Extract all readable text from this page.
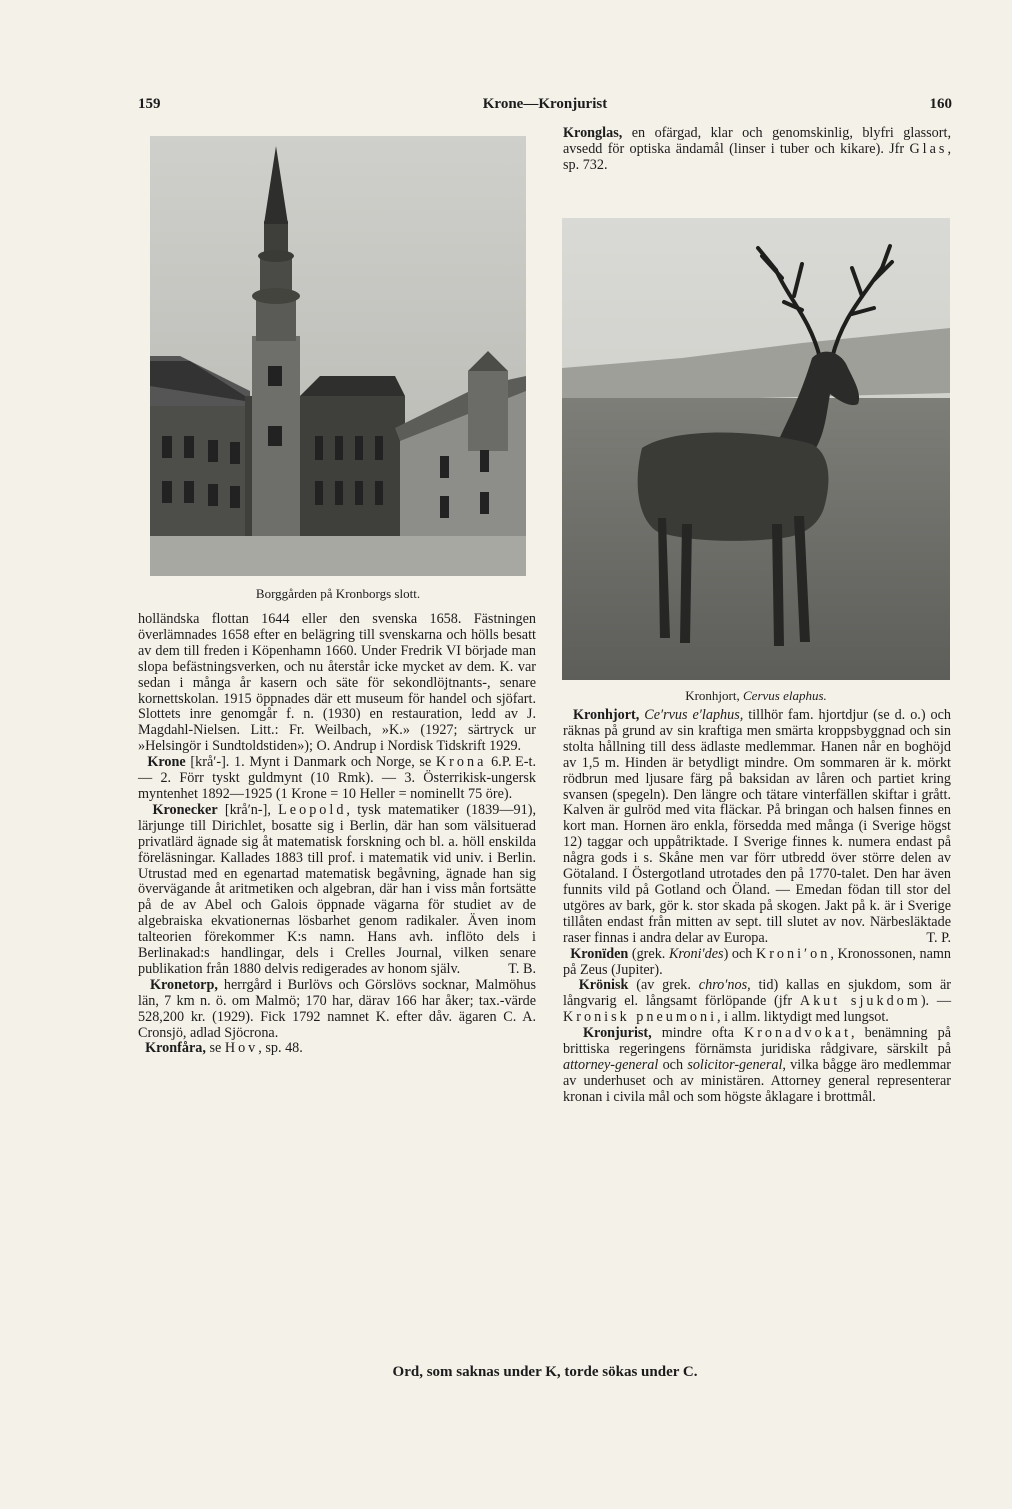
159	Krone—Kronjurist	160
Borggården på Kronborgs slott.
Kronhjort, Cervus elaphus.

Kronglas, en ofärgad, klar och genomskinlig, blyfri glassort, avsedd för optiska ändamål (linser i tuber och kikare). Jfr Glas, sp. 732.

holländska flottan 1644 eller den svenska 1658. Fästningen överlämnades 1658 efter en belägring till svenskarna och hölls besatt av dem till freden i Köpenhamn 1660. Under Fredrik VI började man slopa befästningsverken, och nu återstår icke mycket av dem. K. var sedan i många år kasern och säte för sekondlöjtnants-, senare kornettskolan. 1915 öppnades där ett museum för handel och sjöfart. Slottets inre genomgår f. n. (1930) en restauration, ledd av J. Magdahl-Nielsen. Litt.: Fr. Weilbach, »K.» (1927; särtryck ur »Helsingör i Sundtoldstiden»); O. Andrup i Nordisk Tidskrift 1929.
P. E-t.

Krone [krå′-]. 1. Mynt i Danmark och Norge, se Krona 6. — 2. Förr tyskt guldmynt (10 Rmk). — 3. Österrikisk-ungersk myntenhet 1892—1925 (1 Krone = 10 Heller = nominellt 75 öre).

Kronecker [krå′n-], Leopold, tysk matematiker (1839—91), lärjunge till Dirichlet, bosatte sig i Berlin, där han som välsituerad privatlärd ägnade sig åt matematisk forskning och bl. a. höll enskilda föreläsningar. Kallades 1883 till prof. i matematik vid univ. i Berlin. Utrustad med en egenartad matematisk begåvning, ägnade han sig övervägande åt aritmetiken och algebran, där han i viss mån fortsätte på de av Abel och Galois öppnade vägarna för studiet av de algebraiska ekvationernas lösbarhet genom radikaler. Även inom talteorien förekommer K:s namn. Hans avh. inflöto dels i Berlinakad:s handlingar, dels i Crelles Journal, vilken senare publikation från 1880 delvis redigerades av honom själv.	T. B.

Kronetorp, herrgård i Burlövs och Görslövs socknar, Malmöhus län, 7 km n. ö. om Malmö; 170 har, därav 166 har åker; tax.-värde 528,200 kr. (1929). Fick 1792 namnet K. efter dåv. ägaren C. A. Cronsjö, adlad Sjöcrona.

Kronfåra, se Hov, sp. 48.

Kronhjort, Ce′rvus e′laphus, tillhör fam. hjortdjur (se d. o.) och räknas på grund av sin kraftiga men smärta kroppsbyggnad och sin stolta hållning till dess ädlaste medlemmar. Hanen når en boghöjd av 1,5 m. Hinden är betydligt mindre. Om sommaren är k. mörkt rödbrun med ljusare färg på baksidan av låren och partiet kring svansen (spegeln). Den längre och tätare vinterfällen skiftar i grått. Kalven är gulröd med vita fläckar. På bringan och halsen finnes en kort man. Hornen äro enkla, försedda med många (i Sverige högst 12) taggar och uppåtriktade. I Sverige finnes k. numera endast på några gods i s. Skåne men var förr utbredd över större delen av Götaland. I Östergotland utrotades den på 1770-talet. Den har även funnits vild på Gotland och Öland. — Emedan födan till stor del utgöres av bark, gör k. stor skada på skogen. Jakt på k. är i Sverige tillåten endast från mitten av sept. till slutet av nov. Närbesläktade raser finnas i andra delar av Europa.	T. P.

Kronïden (grek. Kroni′des) och Kroni′on, Kronossonen, namn på Zeus (Jupiter).

Krönisk (av grek. chro′nos, tid) kallas en sjukdom, som är långvarig el. långsamt förlöpande (jfr Akut sjukdom). — Kronisk pneumoni, i allm. liktydigt med lungsot.

Kronjurist, mindre ofta Kronadvokat, benämning på brittiska regeringens förnämsta juridiska rådgivare, särskilt på attorney-general och solicitor-general, vilka bågge äro medlemmar av underhuset och av ministären. Attorney general representerar kronan i civila mål och som högste åklagare i brottmål.

Ord, som saknas under K, torde sökas under C.
